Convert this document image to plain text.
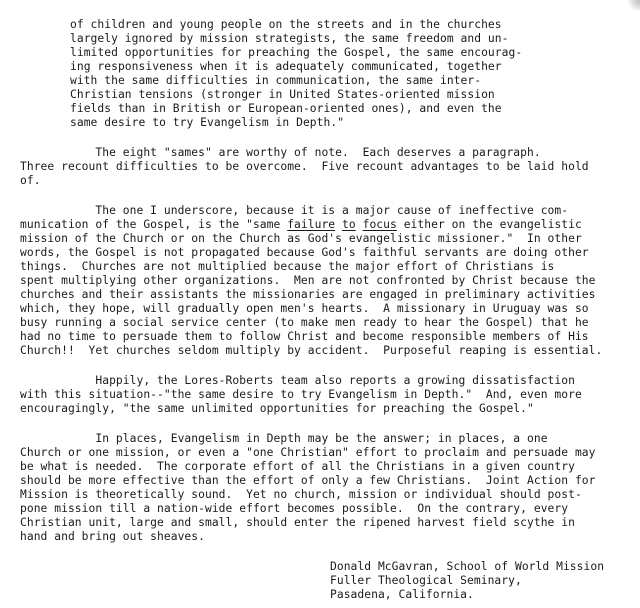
of children and young people on the streets and in the churches
largely ignored by mission strategists, the same freedom and un-
limited opportunities for preaching the Gospel, the same encourag-
ing responsiveness when it is adequately communicated, together
with the same difficulties in communication, the same inter-
Christian tensions (stronger in United States-oriented mission
fields than in British or European-oriented ones), and even the
same desire to try Evangelism in Depth."
The eight "sames" are worthy of note.  Each deserves a paragraph.
Three recount difficulties to be overcome.  Five recount advantages to be laid hold
of.
The one I underscore, because it is a major cause of ineffective com-
munication of the Gospel, is the "same failure to focus either on the evangelistic
mission of the Church or on the Church as God's evangelistic missioner."  In other
words, the Gospel is not propagated because God's faithful servants are doing other
things.  Churches are not multiplied because the major effort of Christians is
spent multiplying other organizations.  Men are not confronted by Christ because the
churches and their assistants the missionaries are engaged in preliminary activities
which, they hope, will gradually open men's hearts.  A missionary in Uruguay was so
busy running a social service center (to make men ready to hear the Gospel) that he
had no time to persuade them to follow Christ and become responsible members of His
Church!!  Yet churches seldom multiply by accident.  Purposeful reaping is essential.
Happily, the Lores-Roberts team also reports a growing dissatisfaction
with this situation--"the same desire to try Evangelism in Depth."  And, even more
encouragingly, "the same unlimited opportunities for preaching the Gospel."
In places, Evangelism in Depth may be the answer; in places, a one
Church or one mission, or even a "one Christian" effort to proclaim and persuade may
be what is needed.  The corporate effort of all the Christians in a given country
should be more effective than the effort of only a few Christians.  Joint Action for
Mission is theoretically sound.  Yet no church, mission or individual should post-
pone mission till a nation-wide effort becomes possible.  On the contrary, every
Christian unit, large and small, should enter the ripened harvest field scythe in
hand and bring out sheaves.
Donald McGavran, School of World Mission
Fuller Theological Seminary,
Pasadena, California.
